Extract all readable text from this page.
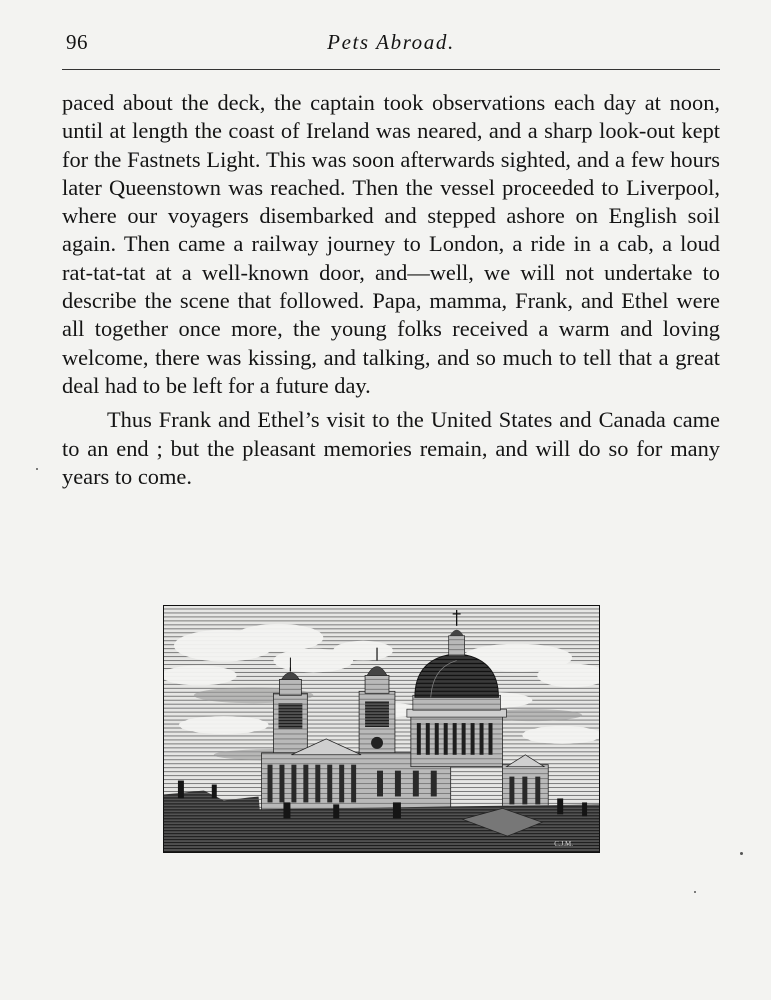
96	Pets Abroad.

paced about the deck, the captain took observations each day at noon, until at length the coast of Ireland was neared, and a sharp look-out kept for the Fastnets Light. This was soon afterwards sighted, and a few hours later Queenstown was reached. Then the vessel proceeded to Liverpool, where our voyagers disembarked and stepped ashore on English soil again. Then came a railway journey to London, a ride in a cab, a loud rat-tat-tat at a well-known door, and—well, we will not undertake to describe the scene that followed. Papa, mamma, Frank, and Ethel were all together once more, the young folks received a warm and loving welcome, there was kissing, and talking, and so much to tell that a great deal had to be left for a future day.

Thus Frank and Ethel’s visit to the United States and Canada came to an end ; but the pleasant memories remain, and will do so for many years to come.

C.J.M.
